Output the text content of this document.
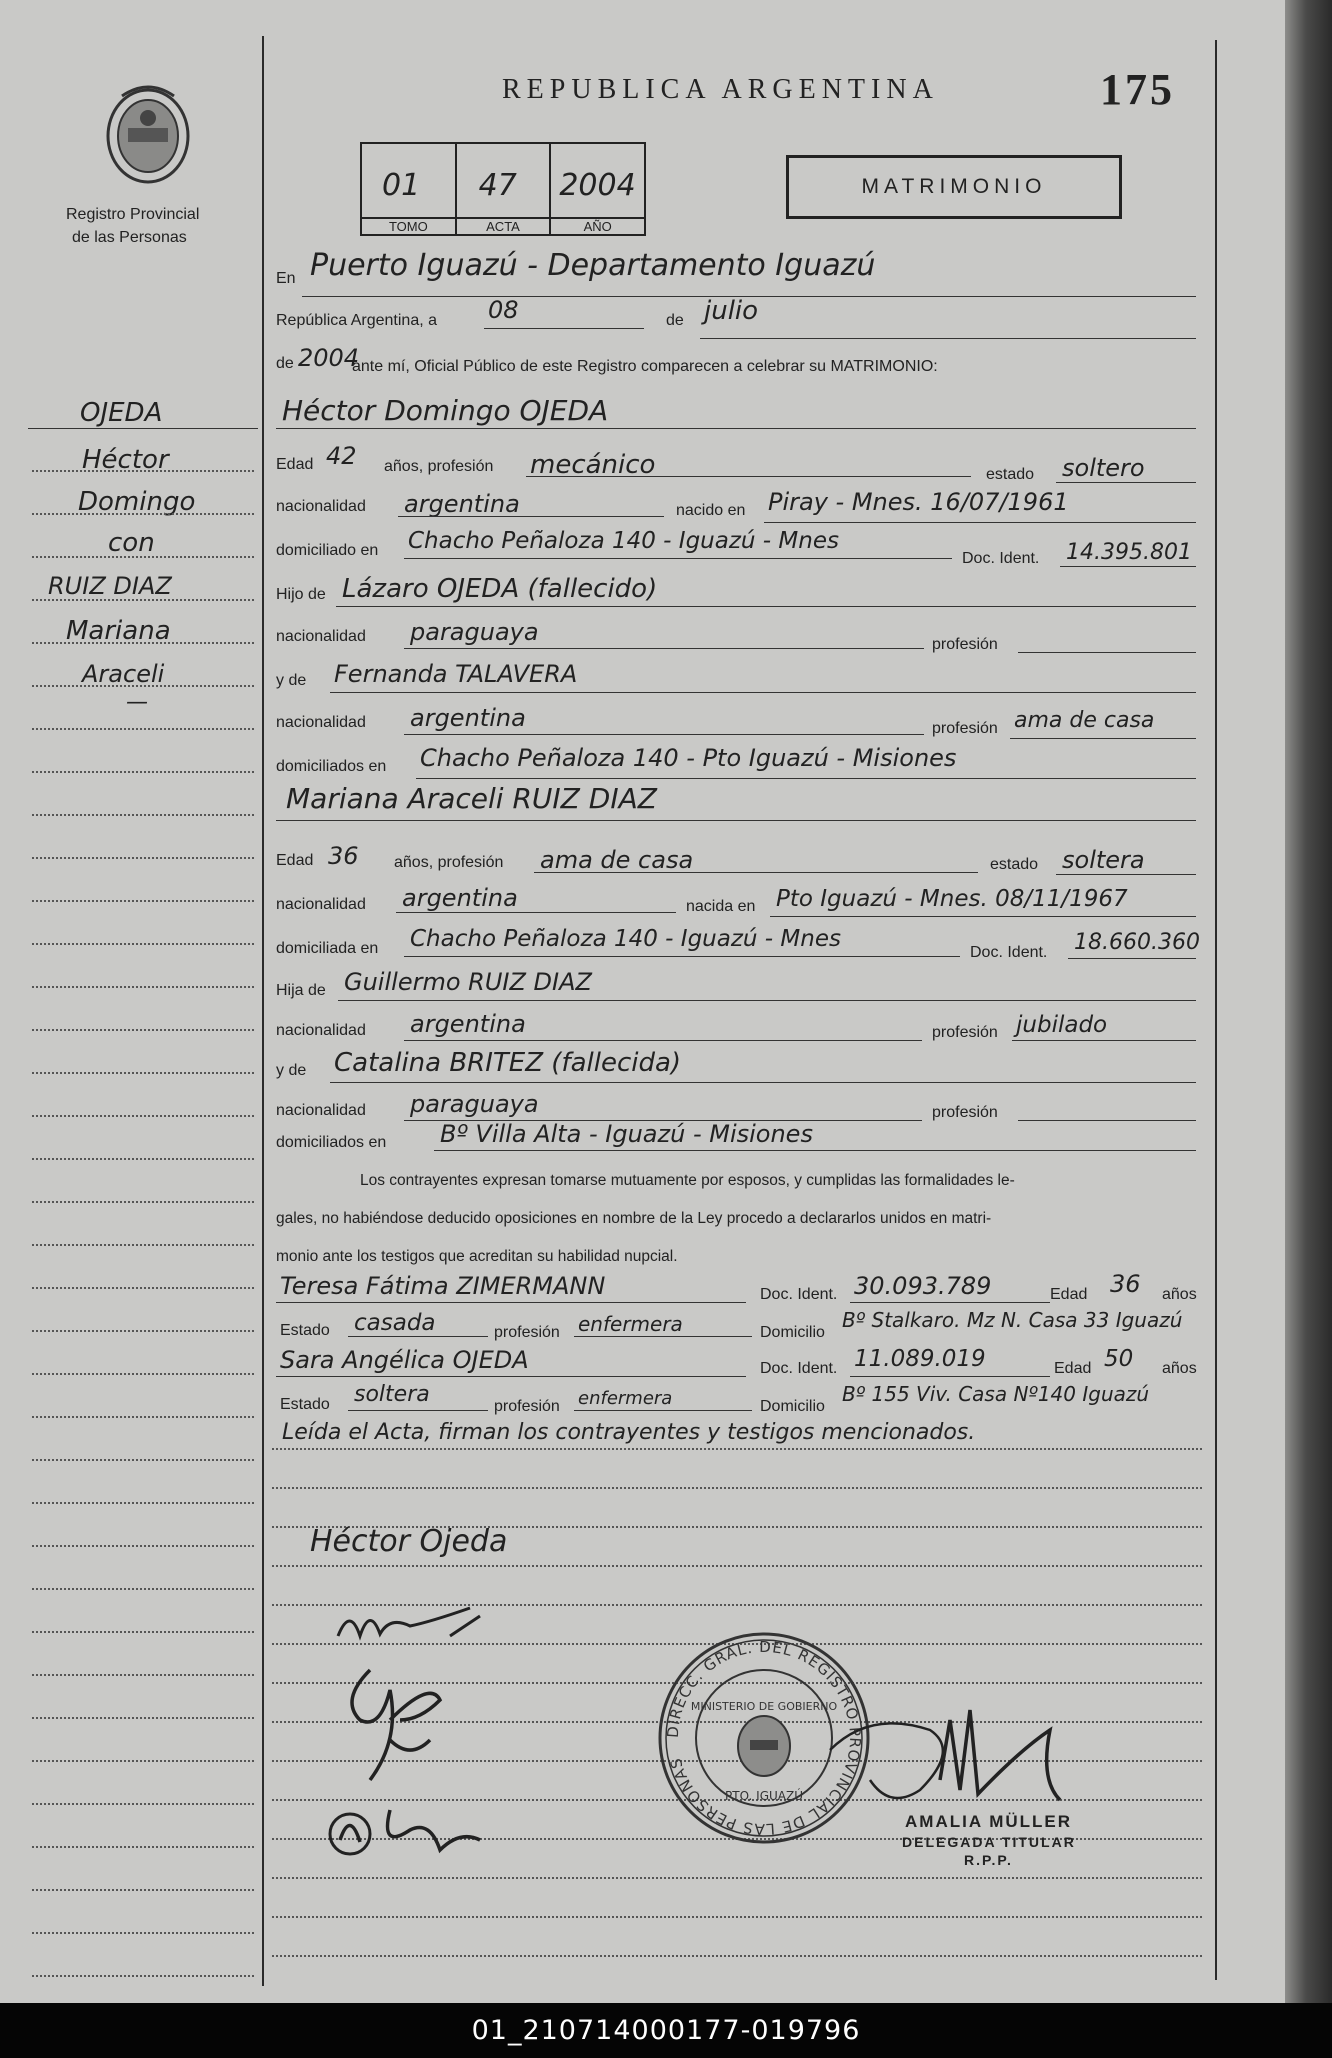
Registro Provincial
de las Personas
REPUBLICA ARGENTINA	175
01
TOMO
47
ACTA
2004
AÑO
MATRIMONIO
OJEDA
Héctor
Domingo
con
RUIZ DIAZ
Mariana
Araceli
—
En Puerto Iguazú - Departamento Iguazú
República Argentina, a 08	de julio
de 2004
ante mí, Oficial Público de este Registro comparecen a celebrar su MATRIMONIO:
Héctor Domingo OJEDA
Edad 42 años, profesión mecánico	estado soltero
nacionalidad argentina	nacido en Piray - Mnes. 16/07/1961
domiciliado en Chacho Peñaloza 140 - Iguazú - Mnes
Doc. Ident. 14.395.801
Hijo de Lázaro OJEDA (fallecido)
nacionalidad paraguaya	profesión
y de Fernanda TALAVERA
nacionalidad argentina	profesión ama de casa
domiciliados en Chacho Peñaloza 140 - Pto Iguazú - Misiones
Mariana Araceli RUIZ DIAZ
Edad 36 años, profesión ama de casa	estado soltera
nacionalidad argentina	nacida en Pto Iguazú - Mnes. 08/11/1967
domiciliada en Chacho Peñaloza 140 - Iguazú - Mnes
Doc. Ident. 18.660.360
Hija de Guillermo RUIZ DIAZ
nacionalidad argentina	profesión jubilado
y de Catalina BRITEZ (fallecida)
nacionalidad paraguaya	profesión
domiciliados en Bº Villa Alta - Iguazú - Misiones
Los contrayentes expresan tomarse mutuamente por esposos, y cumplidas las formalidades le-
gales, no habiéndose deducido oposiciones en nombre de la Ley procedo a declararlos unidos en matri-
monio ante los testigos que acreditan su habilidad nupcial.
Teresa Fátima ZIMERMANN	Doc. Ident. 30.093.789	Edad 36 años
Estado casada	profesión enfermera	Domicilio
Bº Stalkaro. Mz N. Casa 33 Iguazú
Sara Angélica OJEDA	Doc. Ident. 11.089.019	Edad 50 años
Estado soltera	profesión enfermera	Domicilio
Bº 155 Viv. Casa Nº140 Iguazú
Leída el Acta, firman los contrayentes y testigos mencionados.
Héctor Ojeda
DIRECC. GRAL. DEL REGISTRO PROVINCIAL DE LAS PERSONAS
MINISTERIO DE GOBIERNO
PTO. IGUAZÚ
AMALIA MÜLLER
DELEGADA TITULAR
R.P.P.
01_210714000177-019796
